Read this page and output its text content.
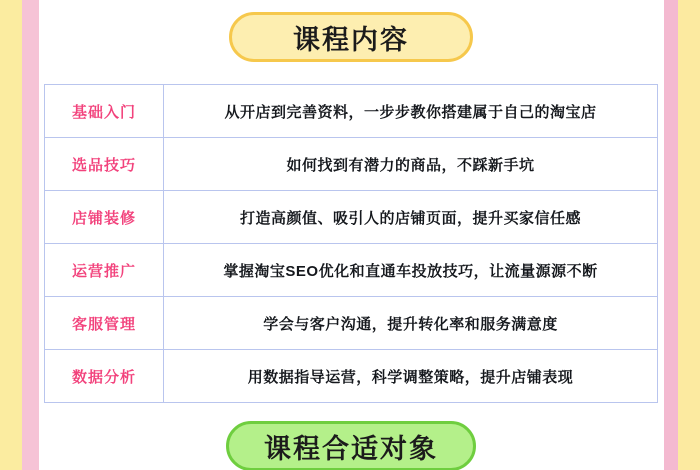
课程内容
基础入门	从开店到完善资料，一步步教你搭建属于自己的淘宝店
选品技巧	如何找到有潜力的商品，不踩新手坑
店铺装修	打造高颜值、吸引人的店铺页面，提升买家信任感
运营推广	掌握淘宝SEO优化和直通车投放技巧，让流量源源不断
客服管理	学会与客户沟通，提升转化率和服务满意度
数据分析	用数据指导运营，科学调整策略，提升店铺表现
课程合适对象
